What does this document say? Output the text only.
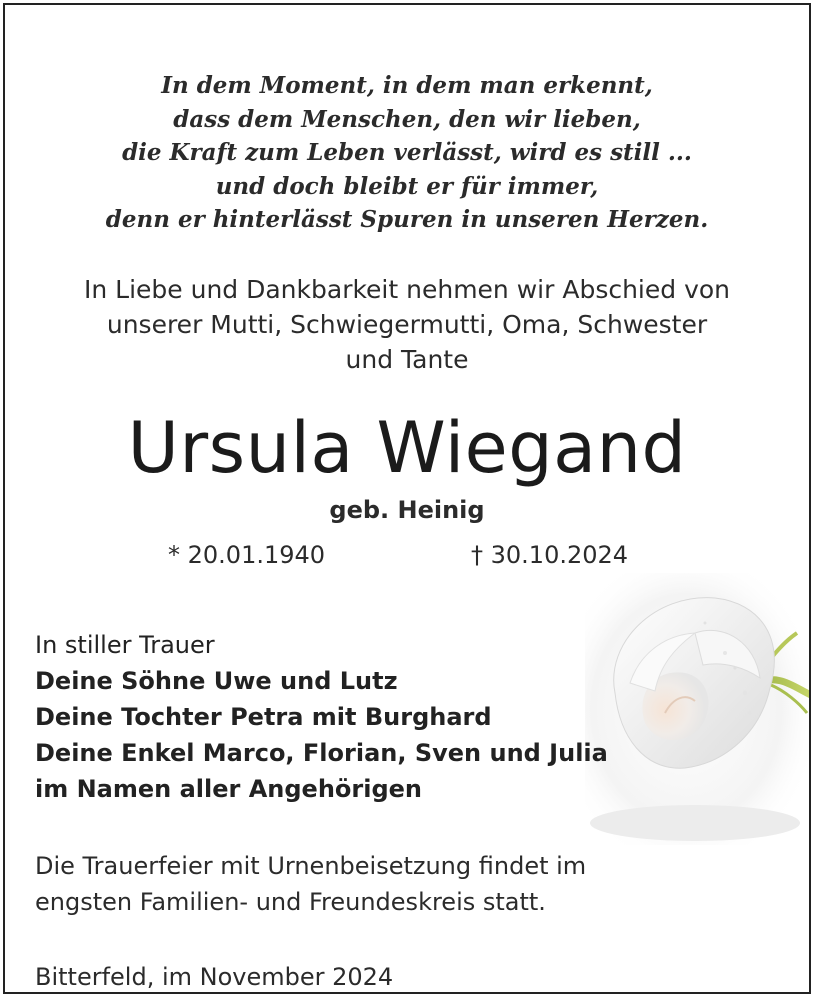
In dem Moment, in dem man erkennt,
dass dem Menschen, den wir lieben,
die Kraft zum Leben verlässt, wird es still ...
und doch bleibt er für immer,
denn er hinterlässt Spuren in unseren Herzen.
In Liebe und Dankbarkeit nehmen wir Abschied von
unserer Mutti, Schwiegermutti, Oma, Schwester
und Tante
Ursula Wiegand
geb. Heinig
* 20.01.1940	† 30.10.2024
In stiller Trauer
Deine Söhne Uwe und Lutz
Deine Tochter Petra mit Burghard
Deine Enkel Marco, Florian, Sven und Julia
im Namen aller Angehörigen
Die Trauerfeier mit Urnenbeisetzung findet im
engsten Familien- und Freundeskreis statt.
Bitterfeld, im November 2024
